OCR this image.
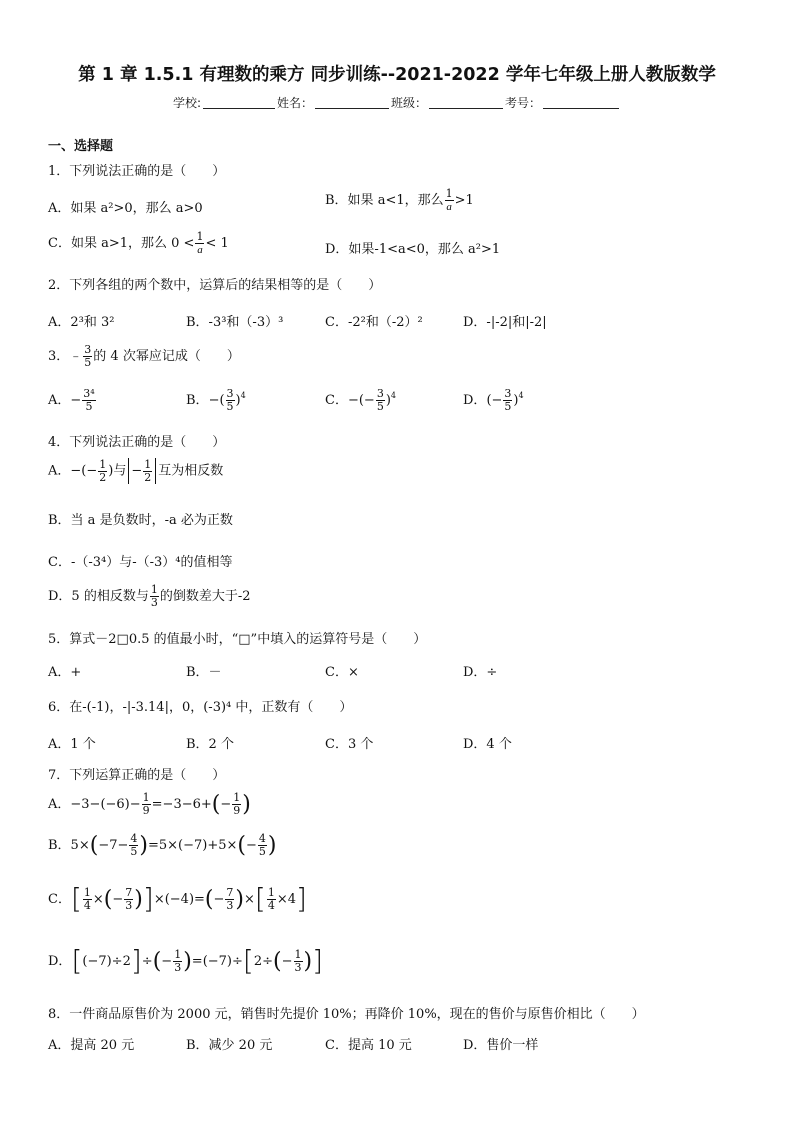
第 1 章 1.5.1 有理数的乘方 同步训练--2021-2022 学年七年级上册人教版数学
学校:	姓名：	班级：	考号：
一、选择题
1．下列说法正确的是（　　）
A．如果 a²>0，那么 a>0
B．如果 a<1，那么 $\frac{1}{a} >1$
C．如果 a>1，那么 $0 < \frac{1}{a} < 1$	D．如果-1<a<0，那么 a²>1
2．下列各组的两个数中，运算后的结果相等的是（　　）
A．2³和 3²	B．-3³和（-3）³	C．-2²和（-2）²	D．-|-2|和|-2|
3．﹣ $\frac{3}{5}$ 的 4 次幂应记成（　　）
A．− $\frac{\text{3⁴}}{5}$	B．−( $\frac{3}{5} )^4$	C．−(− $\frac{3}{5} )^4$	D．(− $\frac{3}{5} )^4$
4．下列说法正确的是（　　）
A．−(− $\frac{1}{2}$ )与 − $\frac{1}{2}$ 互为相反数
B．当 a 是负数时，-a 必为正数
C．-（-3⁴）与-（-3）⁴的值相等
D．5 的相反数与 $\frac{1}{3}$ 的倒数差大于-2
5．算式－2□0.5 的值最小时，“□”中填入的运算符号是（　　）
A．+	B．－	C．×	D．÷
6．在-(-1)，-|-3.14|，0，(-3)⁴ 中，正数有（　　）
A．1 个	B．2 个	C．3 个	D．4 个
7．下列运算正确的是（　　）
A．$-3-(-6)- \frac{1}{9} =-3-6+(- \frac{1}{9}$ )
B．$5\times(-7- \frac{4}{5} )=5\times(-7)+5\times(- \frac{4}{5}$ )
C．[ $\frac{1}{4}$ ×(− $\frac{7}{3} )]\times(-4)=(- \frac{7}{3}$ )×[ $\frac{1}{4} \times 4$]
D．$[(-7)\div 2]\div(- \frac{1}{3} )=(-7)\div[2\div(- \frac{1}{3}$ )]
8．一件商品原售价为 2000 元，销售时先提价 10%；再降价 10%，现在的售价与原售价相比（　　）
A．提高 20 元	B．减少 20 元	C．提高 10 元	D．售价一样
